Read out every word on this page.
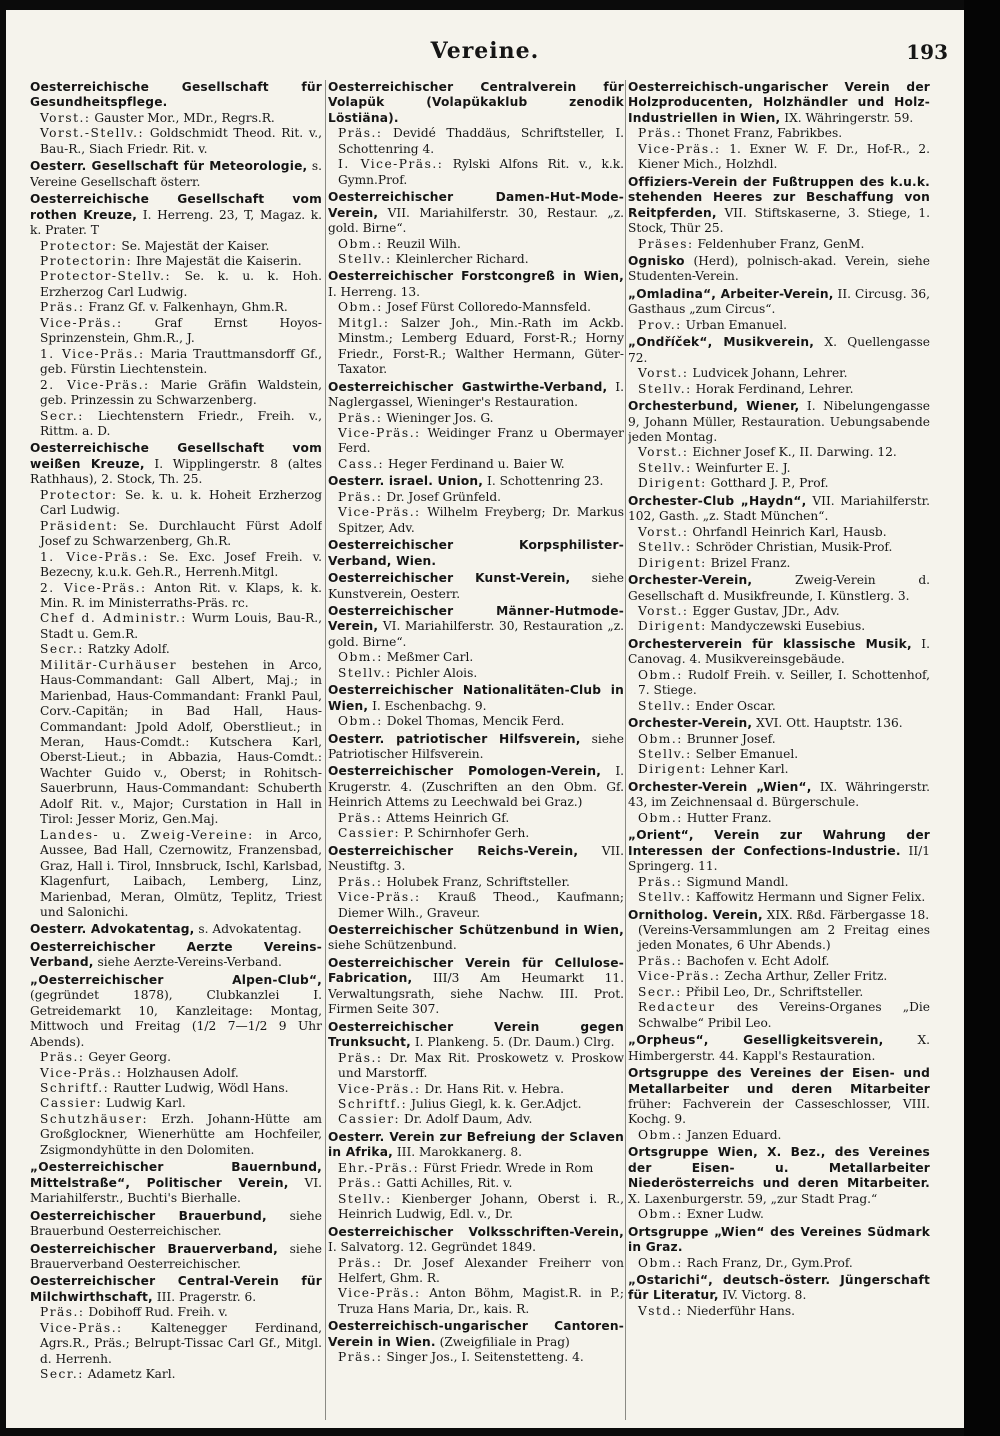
Vereine.	193
Oesterreichische Gesellschaft für Gesundheitspflege.
Vorst.: Gauster Mor., MDr., Regrs.R.
Vorst.-Stellv.: Goldschmidt Theod. Rit. v., Bau-R., Siach Friedr. Rit. v.
Oesterr. Gesellschaft für Meteorologie, s. Vereine Gesellschaft österr.
Oesterreichische Gesellschaft vom rothen Kreuze, I. Herreng. 23, T, Magaz. k. k. Prater. T
Protector: Se. Majestät der Kaiser.
Protectorin: Ihre Majestät die Kaiserin.
Protector-Stellv.: Se. k. u. k. Hoh. Erzherzog Carl Ludwig.
Präs.: Franz Gf. v. Falkenhayn, Ghm.R.
Vice-Präs.:	Graf Ernst Hoyos-Sprinzenstein, Ghm.R., J.
1. Vice-Präs.: Maria Trauttmansdorff Gf., geb. Fürstin Liechtenstein.
2. Vice-Präs.: Marie Gräfin Waldstein, geb. Prinzessin zu Schwarzenberg.
Secr.: Liechtenstern Friedr., Freih. v., Rittm. a. D.
Oesterreichische Gesellschaft vom weißen Kreuze, I. Wipplingerstr. 8 (altes Rathhaus), 2. Stock, Th. 25.
Protector: Se. k. u. k. Hoheit Erzherzog Carl Ludwig.
Präsident: Se. Durchlaucht Fürst Adolf Josef zu Schwarzenberg, Gh.R.
1. Vice-Präs.: Se. Exc. Josef Freih. v. Bezecny, k.u.k. Geh.R., Herrenh.Mitgl.
2. Vice-Präs.: Anton Rit. v. Klaps, k. k. Min. R. im Ministerraths-Präs. rc.
Chef d. Administr.: Wurm Louis, Bau-R., Stadt u. Gem.R.
Secr.: Ratzky Adolf.
Militär-Curhäuser bestehen in Arco, Haus-Commandant: Gall Albert, Maj.; in Marienbad, Haus-Commandant: Frankl Paul, Corv.-Capitän; in Bad Hall, Haus-Commandant: Jpold Adolf, Oberstlieut.; in Meran, Haus-Comdt.: Kutschera Karl, Oberst-Lieut.; in Abbazia, Haus-Comdt.: Wachter Guido v., Oberst; in Rohitsch-Sauerbrunn, Haus-Commandant: Schuberth Adolf Rit. v., Major; Curstation in Hall in Tirol: Jesser Moriz, Gen.Maj.
Landes- u. Zweig-Vereine: in Arco, Aussee, Bad Hall, Czernowitz, Franzensbad, Graz, Hall i. Tirol, Innsbruck, Ischl, Karlsbad, Klagenfurt, Laibach, Lemberg, Linz, Marienbad, Meran, Olmütz, Teplitz, Triest und Salonichi.
Oesterr. Advokatentag, s. Advokatentag.
Oesterreichischer Aerzte Vereins-Verband, siehe Aerzte-Vereins-Verband.
„Oesterreichischer Alpen-Club“, (gegründet 1878), Clubkanzlei I. Getreidemarkt 10, Kanzleitage: Montag, Mittwoch und Freitag (1/2 7—1/2 9 Uhr Abends).
Präs.: Geyer Georg.
Vice-Präs.: Holzhausen Adolf.
Schriftf.: Rautter Ludwig, Wödl Hans.
Cassier: Ludwig Karl.
Schutzhäuser: Erzh. Johann-Hütte am Großglockner, Wienerhütte am Hochfeiler, Zsigmondyhütte in den Dolomiten.
„Oesterreichischer Bauernbund, Mittelstraße“, Politischer Verein, VI. Mariahilferstr., Buchti's Bierhalle.
Oesterreichischer Brauerbund, siehe Brauerbund Oesterreichischer.
Oesterreichischer Brauerverband, siehe Brauerverband Oesterreichischer.
Oesterreichischer Central-Verein für Milchwirthschaft, III. Pragerstr. 6.
Präs.: Dobihoff Rud. Freih. v.
Vice-Präs.: Kaltenegger Ferdinand, Agrs.R., Präs.; Belrupt-Tissac Carl Gf., Mitgl. d. Herrenh.
Secr.: Adametz Karl.
Oesterreichischer Centralverein für Volapük (Volapükaklub zenodik Löstiäna).
Präs.: Devidé Thaddäus, Schriftsteller, I. Schottenring 4.
I. Vice-Präs.: Rylski Alfons Rit. v., k.k. Gymn.Prof.
Oesterreichischer Damen-Hut-Mode-Verein, VII. Mariahilferstr. 30, Restaur. „z. gold. Birne“.
Obm.: Reuzil Wilh.
Stellv.: Kleinlercher Richard.
Oesterreichischer Forstcongreß in Wien, I. Herreng. 13.
Obm.: Josef Fürst Colloredo-Mannsfeld.
Mitgl.: Salzer Joh., Min.-Rath im Ackb. Minstm.; Lemberg Eduard, Forst-R.; Horny Friedr., Forst-R.; Walther Hermann, Güter-Taxator.
Oesterreichischer Gastwirthe-Verband, I. Naglergassel, Wieninger's Restauration.
Präs.: Wieninger Jos. G.
Vice-Präs.: Weidinger Franz u Obermayer Ferd.
Cass.: Heger Ferdinand u. Baier W.
Oesterr. israel. Union, I. Schottenring 23.
Präs.: Dr. Josef Grünfeld.
Vice-Präs.: Wilhelm Freyberg; Dr. Markus Spitzer, Adv.
Oesterreichischer Korpsphilister-Verband, Wien.
Oesterreichischer Kunst-Verein, siehe Kunstverein, Oesterr.
Oesterreichischer Männer-Hutmode-Verein, VI. Mariahilferstr. 30, Restauration „z. gold. Birne“.
Obm.: Meßmer Carl.
Stellv.: Pichler Alois.
Oesterreichischer Nationalitäten-Club in Wien, I. Eschenbachg. 9.
Obm.: Dokel Thomas, Mencik Ferd.
Oesterr. patriotischer Hilfsverein, siehe Patriotischer Hilfsverein.
Oesterreichischer Pomologen-Verein, I. Krugerstr. 4. (Zuschriften an den Obm. Gf. Heinrich Attems zu Leechwald bei Graz.)
Präs.: Attems Heinrich Gf.
Cassier: P. Schirnhofer Gerh.
Oesterreichischer Reichs-Verein, VII. Neustiftg. 3.
Präs.: Holubek Franz, Schriftsteller.
Vice-Präs.: Krauß Theod., Kaufmann; Diemer Wilh., Graveur.
Oesterreichischer Schützenbund in Wien, siehe Schützenbund.
Oesterreichischer Verein für Cellulose-Fabrication, III/3 Am Heumarkt 11. Verwaltungsrath, siehe Nachw. III. Prot. Firmen Seite 307.
Oesterreichischer Verein gegen Trunksucht, I. Plankeng. 5. (Dr. Daum.) Clrg.
Präs.: Dr. Max Rit. Proskowetz v. Proskow und Marstorff.
Vice-Präs.: Dr. Hans Rit. v. Hebra.
Schriftf.: Julius Giegl, k. k. Ger.Adjct.
Cassier: Dr. Adolf Daum, Adv.
Oesterr. Verein zur Befreiung der Sclaven in Afrika, III. Marokkanerg. 8.
Ehr.-Präs.: Fürst Friedr. Wrede in Rom
Präs.: Gatti Achilles, Rit. v.
Stellv.: Kienberger Johann, Oberst i. R., Heinrich Ludwig, Edl. v., Dr.
Oesterreichischer Volksschriften-Verein, I. Salvatorg. 12. Gegründet 1849.
Präs.: Dr. Josef Alexander Freiherr von Helfert, Ghm. R.
Vice-Präs.: Anton Böhm, Magist.R. in P.; Truza Hans Maria, Dr., kais. R.
Oesterreichisch-ungarischer Cantoren-Verein in Wien. (Zweigfiliale in Prag)
Präs.: Singer Jos., I. Seitenstetteng. 4.
Oesterreichisch-ungarischer Verein der Holzproducenten, Holzhändler und Holz-Industriellen in Wien, IX. Währingerstr. 59.
Präs.: Thonet Franz, Fabrikbes.
Vice-Präs.: 1. Exner W. F. Dr., Hof-R., 2. Kiener Mich., Holzhdl.
Offiziers-Verein der Fußtruppen des k.u.k. stehenden Heeres zur Beschaffung von Reitpferden, VII. Stiftskaserne, 3. Stiege, 1. Stock, Thür 25.
Präses: Feldenhuber Franz, GenM.
Ognisko (Herd), polnisch-akad. Verein, siehe Studenten-Verein.
„Omladina“, Arbeiter-Verein, II. Circusg. 36, Gasthaus „zum Circus“.
Prov.: Urban Emanuel.
„Ondříček“, Musikverein, X. Quellengasse 72.
Vorst.: Ludvicek Johann, Lehrer.
Stellv.: Horak Ferdinand, Lehrer.
Orchesterbund, Wiener, I. Nibelungengasse 9, Johann Müller, Restauration. Uebungsabende jeden Montag.
Vorst.: Eichner Josef K., II. Darwing. 12.
Stellv.: Weinfurter E. J.
Dirigent: Gotthard J. P., Prof.
Orchester-Club „Haydn“, VII. Mariahilferstr. 102, Gasth. „z. Stadt München“.
Vorst.: Ohrfandl Heinrich Karl, Hausb.
Stellv.: Schröder Christian, Musik-Prof.
Dirigent: Brizel Franz.
Orchester-Verein,	Zweig-Verein d. Gesellschaft d. Musikfreunde, I. Künstlerg. 3.
Vorst.: Egger Gustav, JDr., Adv.
Dirigent: Mandyczewski Eusebius.
Orchesterverein für klassische Musik, I. Canovag. 4. Musikvereinsgebäude.
Obm.: Rudolf Freih. v. Seiller, I. Schottenhof, 7. Stiege.
Stellv.: Ender Oscar.
Orchester-Verein, XVI. Ott. Hauptstr. 136.
Obm.: Brunner Josef.
Stellv.: Selber Emanuel.
Dirigent: Lehner Karl.
Orchester-Verein „Wien“, IX. Währingerstr. 43, im Zeichnensaal d. Bürgerschule.
Obm.: Hutter Franz.
„Orient“, Verein zur Wahrung der Interessen der Confections-Industrie. II/1 Springerg. 11.
Präs.: Sigmund Mandl.
Stellv.: Kaffowitz Hermann und Signer Felix.
Ornitholog. Verein, XIX. Rßd. Färbergasse 18.
(Vereins-Versammlungen am 2 Freitag eines jeden Monates, 6 Uhr Abends.)
Präs.: Bachofen v. Echt Adolf.
Vice-Präs.: Zecha Arthur, Zeller Fritz.
Secr.: Přibil Leo, Dr., Schriftsteller.
Redacteur des Vereins-Organes „Die Schwalbe“ Pribil Leo.
„Orpheus“, Geselligkeitsverein,	X. Himbergerstr. 44. Kappl's Restauration.
Ortsgruppe des Vereines der Eisen- und Metallarbeiter und deren Mitarbeiter früher: Fachverein der Casseschlosser, VIII. Kochg. 9.
Obm.: Janzen Eduard.
Ortsgruppe Wien, X. Bez., des Vereines der Eisen- u. Metallarbeiter Niederösterreichs und deren Mitarbeiter. X. Laxenburgerstr. 59, „zur Stadt Prag.“
Obm.: Exner Ludw.
Ortsgruppe „Wien“ des Vereines Südmark in Graz.
Obm.: Rach Franz, Dr., Gym.Prof.
„Ostarichi“, deutsch-österr. Jüngerschaft für Literatur, IV. Victorg. 8.
Vstd.: Niederführ Hans.
